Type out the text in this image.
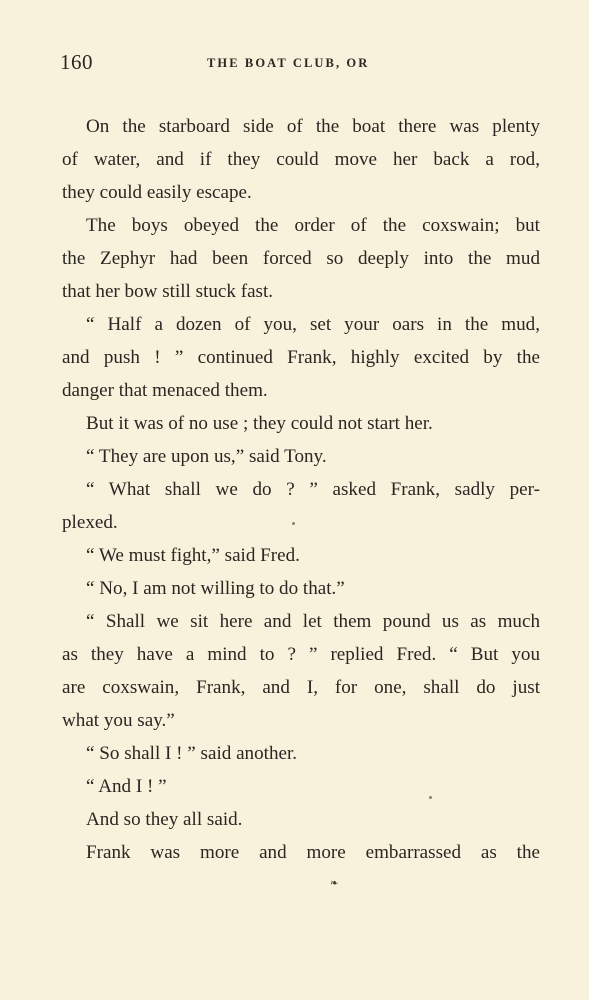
160	THE BOAT CLUB, OR
On the starboard side of the boat there was plenty
of water, and if they could move her back a rod,
they could easily escape.
The boys obeyed the order of the coxswain; but
the Zephyr had been forced so deeply into the mud
that her bow still stuck fast.
“ Half a dozen of you, set your oars in the mud,
and push ! ” continued Frank, highly excited by the
danger that menaced them.
But it was of no use ; they could not start her.
“ They are upon us,” said Tony.
“ What shall we do ? ” asked Frank, sadly per-
plexed.
“ We must fight,” said Fred.
“ No, I am not willing to do that.”
“ Shall we sit here and let them pound us as much
as they have a mind to ? ” replied Fred. “ But you
are coxswain, Frank, and I, for one, shall do just
what you say.”
“ So shall I ! ” said another.
“ And I ! ”
And so they all said.
Frank was more and more embarrassed as the
❧
